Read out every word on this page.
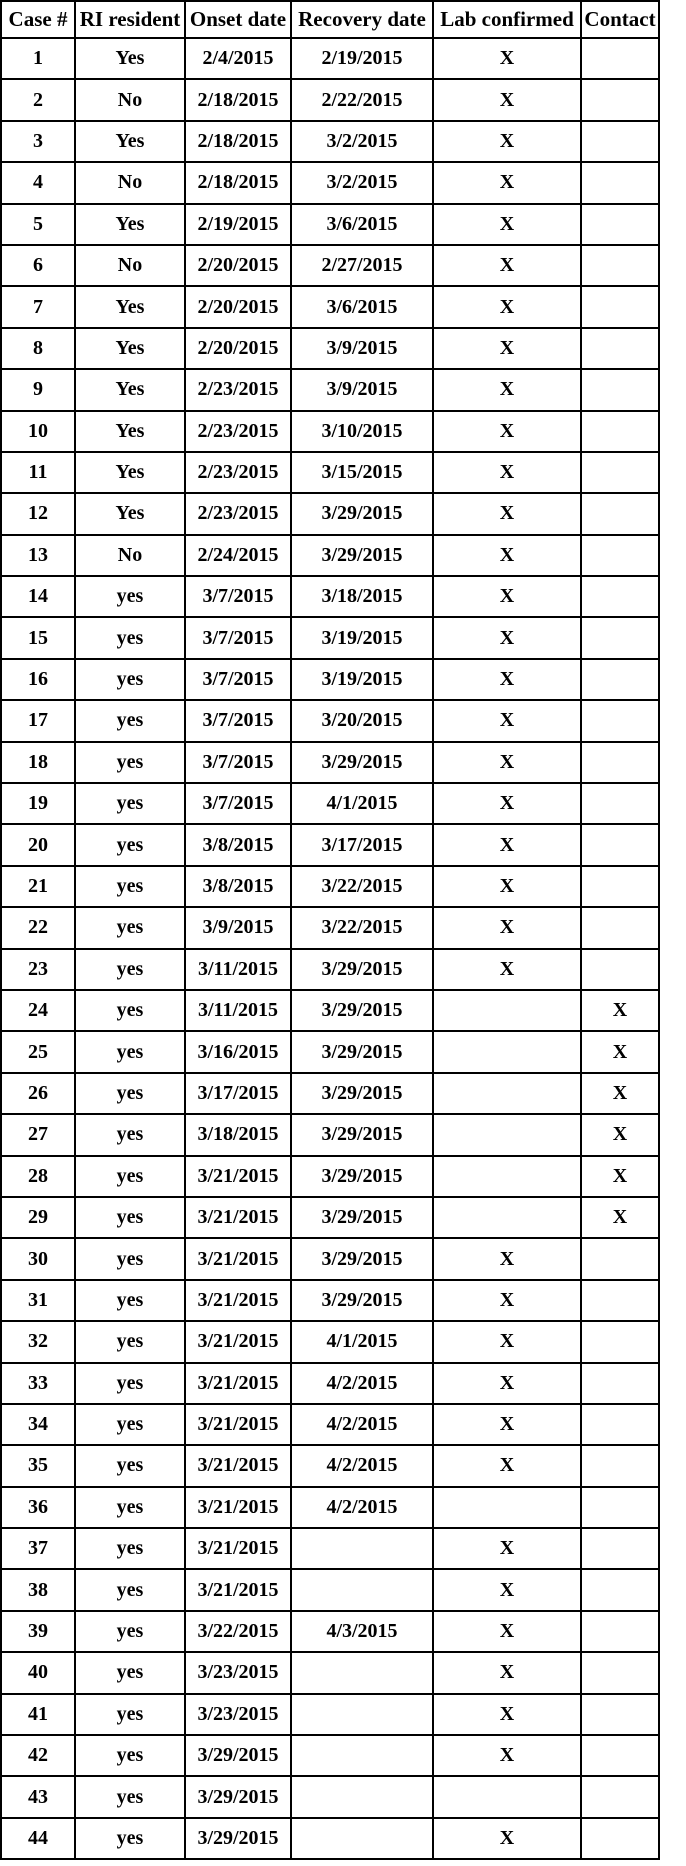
Case #	RI resident	Onset date	Recovery date	Lab confirmed	Contact
1	Yes	2/4/2015	2/19/2015	X	
2	No	2/18/2015	2/22/2015	X	
3	Yes	2/18/2015	3/2/2015	X	
4	No	2/18/2015	3/2/2015	X	
5	Yes	2/19/2015	3/6/2015	X	
6	No	2/20/2015	2/27/2015	X	
7	Yes	2/20/2015	3/6/2015	X	
8	Yes	2/20/2015	3/9/2015	X	
9	Yes	2/23/2015	3/9/2015	X	
10	Yes	2/23/2015	3/10/2015	X	
11	Yes	2/23/2015	3/15/2015	X	
12	Yes	2/23/2015	3/29/2015	X	
13	No	2/24/2015	3/29/2015	X	
14	yes	3/7/2015	3/18/2015	X	
15	yes	3/7/2015	3/19/2015	X	
16	yes	3/7/2015	3/19/2015	X	
17	yes	3/7/2015	3/20/2015	X	
18	yes	3/7/2015	3/29/2015	X	
19	yes	3/7/2015	4/1/2015	X	
20	yes	3/8/2015	3/17/2015	X	
21	yes	3/8/2015	3/22/2015	X	
22	yes	3/9/2015	3/22/2015	X	
23	yes	3/11/2015	3/29/2015	X	
24	yes	3/11/2015	3/29/2015		X
25	yes	3/16/2015	3/29/2015		X
26	yes	3/17/2015	3/29/2015		X
27	yes	3/18/2015	3/29/2015		X
28	yes	3/21/2015	3/29/2015		X
29	yes	3/21/2015	3/29/2015		X
30	yes	3/21/2015	3/29/2015	X	
31	yes	3/21/2015	3/29/2015	X	
32	yes	3/21/2015	4/1/2015	X	
33	yes	3/21/2015	4/2/2015	X	
34	yes	3/21/2015	4/2/2015	X	
35	yes	3/21/2015	4/2/2015	X	
36	yes	3/21/2015	4/2/2015		
37	yes	3/21/2015		X	
38	yes	3/21/2015		X	
39	yes	3/22/2015	4/3/2015	X	
40	yes	3/23/2015		X	
41	yes	3/23/2015		X	
42	yes	3/29/2015		X	
43	yes	3/29/2015			
44	yes	3/29/2015		X	
